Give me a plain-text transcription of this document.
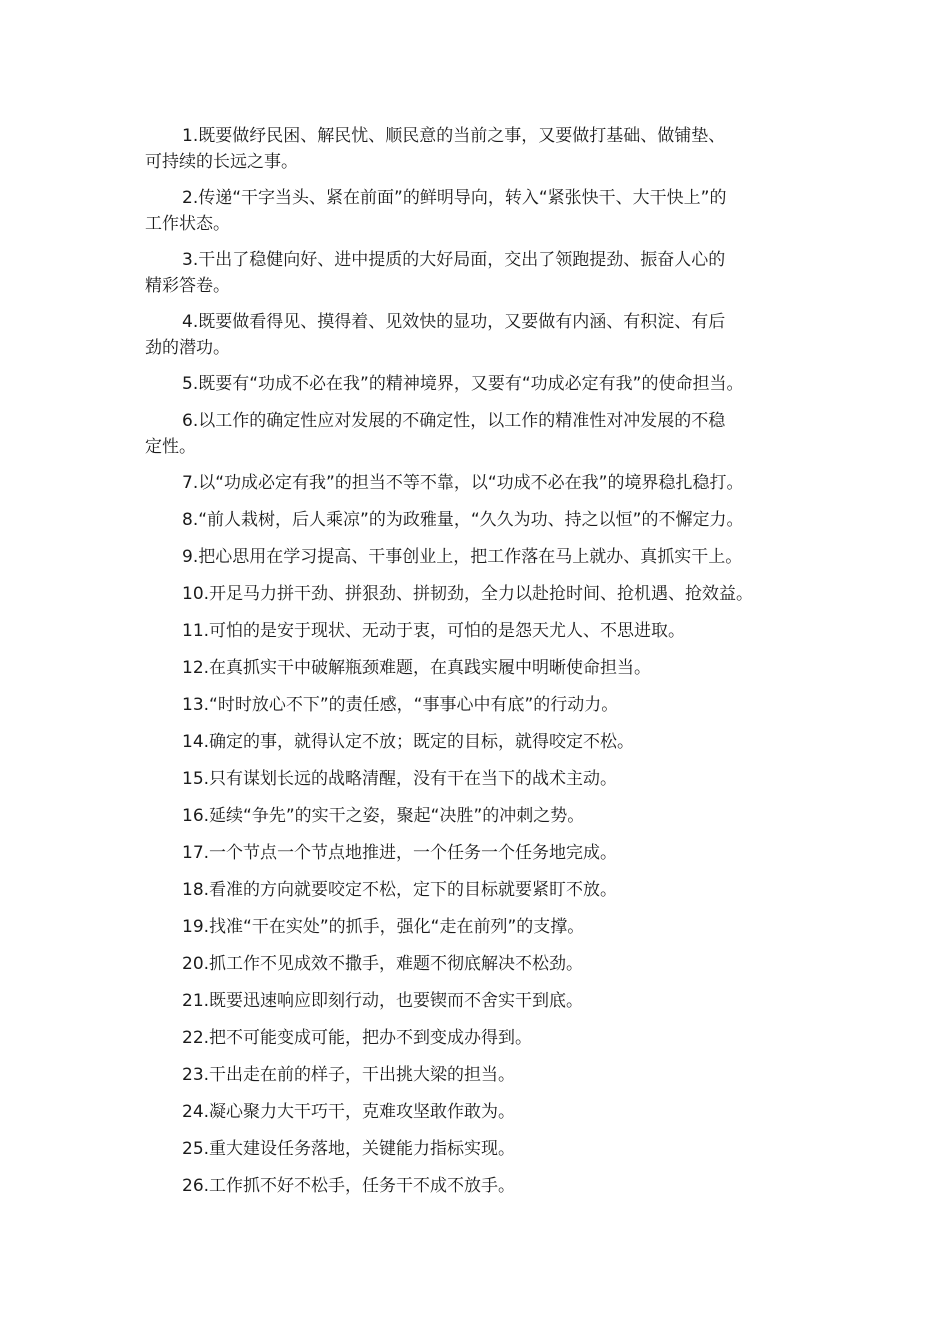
1.既要做纾民困、解民忧、顺民意的当前之事，又要做打基础、做铺垫、
可持续的长远之事。
2.传递“干字当头、紧在前面”的鲜明导向，转入“紧张快干、大干快上”的
工作状态。
3.干出了稳健向好、进中提质的大好局面，交出了领跑提劲、振奋人心的
精彩答卷。
4.既要做看得见、摸得着、见效快的显功，又要做有内涵、有积淀、有后
劲的潜功。
5.既要有“功成不必在我”的精神境界，又要有“功成必定有我”的使命担当。
6.以工作的确定性应对发展的不确定性，以工作的精准性对冲发展的不稳
定性。
7.以“功成必定有我”的担当不等不靠，以“功成不必在我”的境界稳扎稳打。
8.“前人栽树，后人乘凉”的为政雅量，“久久为功、持之以恒”的不懈定力。
9.把心思用在学习提高、干事创业上，把工作落在马上就办、真抓实干上。
10.开足马力拼干劲、拼狠劲、拼韧劲，全力以赴抢时间、抢机遇、抢效益。
11.可怕的是安于现状、无动于衷，可怕的是怨天尤人、不思进取。
12.在真抓实干中破解瓶颈难题，在真践实履中明晰使命担当。
13.“时时放心不下”的责任感，“事事心中有底”的行动力。
14.确定的事，就得认定不放；既定的目标，就得咬定不松。
15.只有谋划长远的战略清醒，没有干在当下的战术主动。
16.延续“争先”的实干之姿，聚起“决胜”的冲刺之势。
17.一个节点一个节点地推进，一个任务一个任务地完成。
18.看准的方向就要咬定不松，定下的目标就要紧盯不放。
19.找准“干在实处”的抓手，强化“走在前列”的支撑。
20.抓工作不见成效不撒手，难题不彻底解决不松劲。
21.既要迅速响应即刻行动，也要锲而不舍实干到底。
22.把不可能变成可能，把办不到变成办得到。
23.干出走在前的样子，干出挑大梁的担当。
24.凝心聚力大干巧干，克难攻坚敢作敢为。
25.重大建设任务落地，关键能力指标实现。
26.工作抓不好不松手，任务干不成不放手。
